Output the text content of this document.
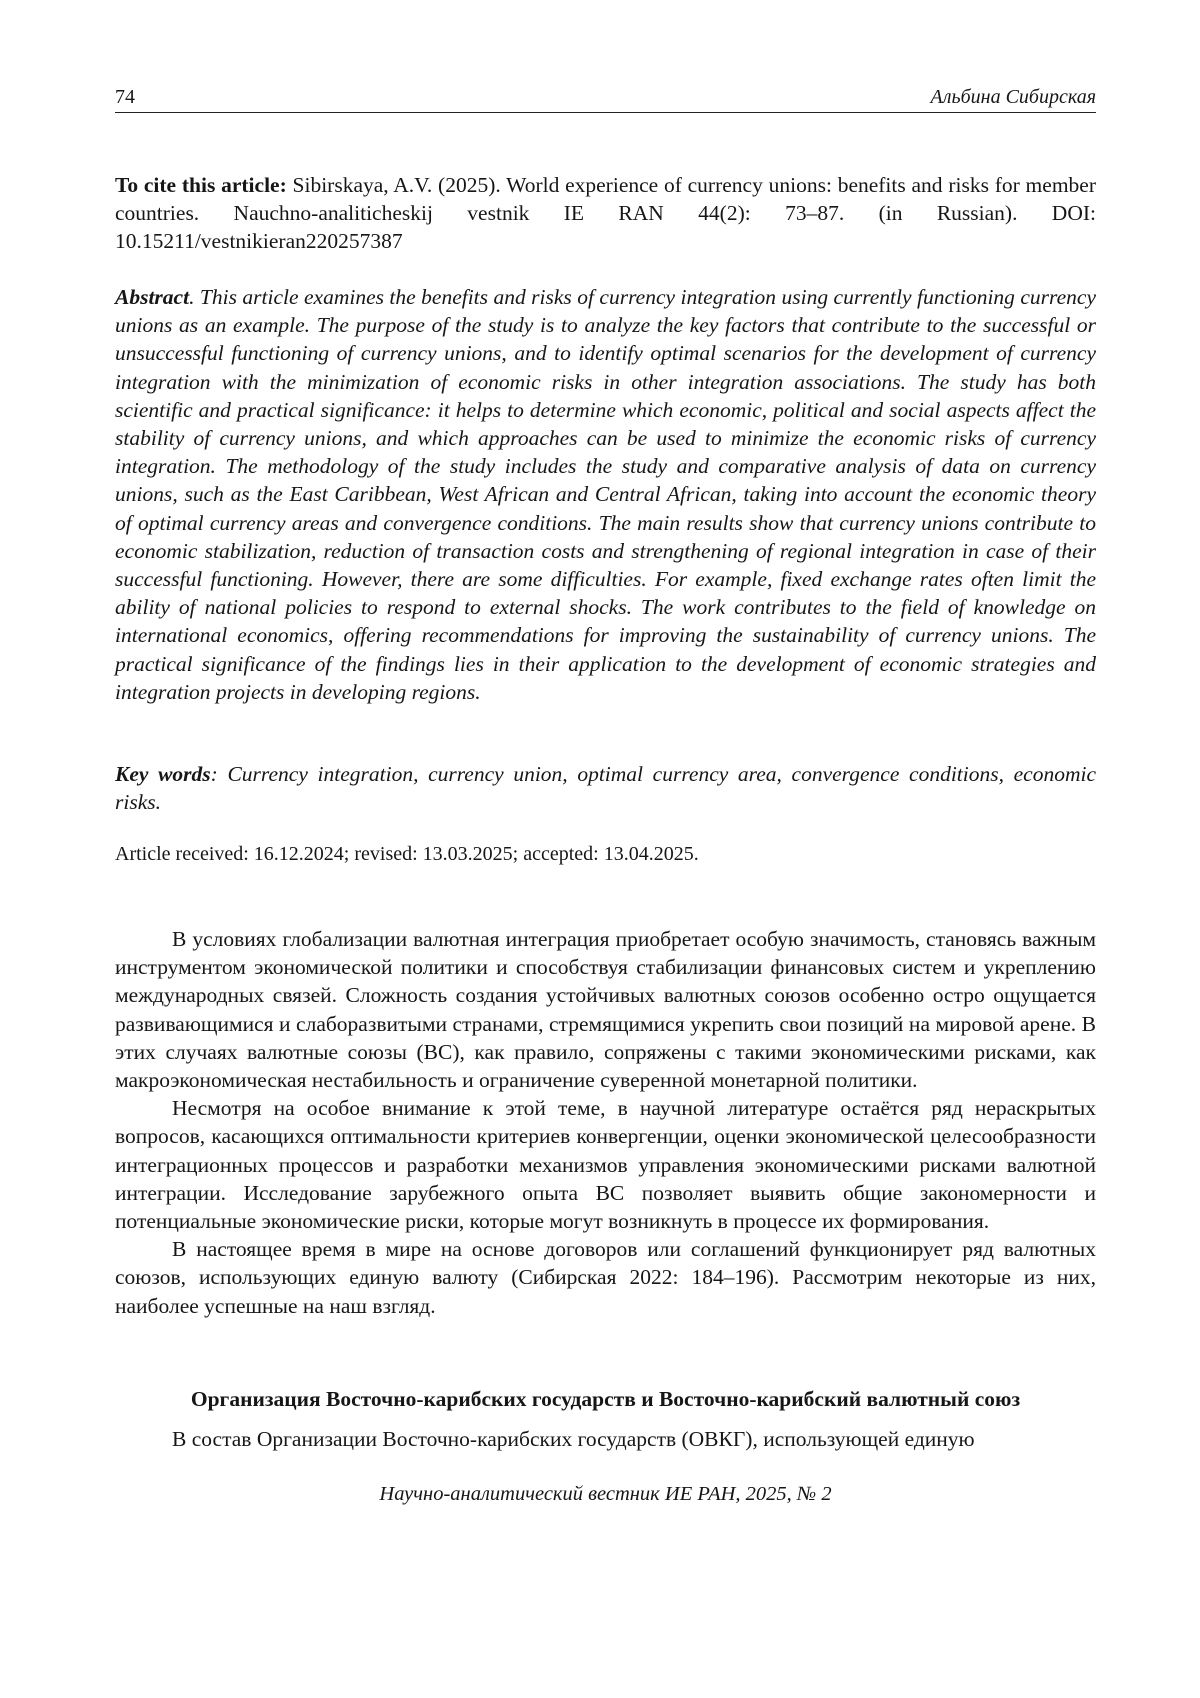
74	Альбина Сибирская
To cite this article: Sibirskaya, A.V. (2025). World experience of currency unions: benefits and risks for member countries. Nauchno-analiticheskij vestnik IE RAN 44(2): 73–87. (in Russian). DOI: 10.15211/vestnikieran220257387
Abstract. This article examines the benefits and risks of currency integration using currently functioning currency unions as an example. The purpose of the study is to analyze the key factors that contribute to the successful or unsuccessful functioning of currency unions, and to identify optimal scenarios for the development of currency integration with the minimization of economic risks in other integration associations. The study has both scientific and practical significance: it helps to determine which economic, political and social aspects affect the stability of currency unions, and which approaches can be used to minimize the economic risks of currency integration. The methodology of the study includes the study and comparative analysis of data on currency unions, such as the East Caribbean, West African and Central African, taking into account the economic theory of optimal currency areas and convergence conditions. The main results show that currency unions contribute to economic stabilization, reduction of transaction costs and strengthening of regional integration in case of their successful functioning. However, there are some difficulties. For example, fixed exchange rates often limit the ability of national policies to respond to external shocks. The work contributes to the field of knowledge on international economics, offering recommendations for improving the sustainability of currency unions. The practical significance of the findings lies in their application to the development of economic strategies and integration projects in developing regions.
Key words: Currency integration, currency union, optimal currency area, convergence conditions, economic risks.
Article received: 16.12.2024; revised: 13.03.2025; accepted: 13.04.2025.

В условиях глобализации валютная интеграция приобретает особую значимость, становясь важным инструментом экономической политики и способствуя стабилизации финансовых систем и укреплению международных связей. Сложность создания устойчивых валютных союзов особенно остро ощущается развивающимися и слаборазвитыми странами, стремящимися укрепить свои позиций на мировой арене. В этих случаях валютные союзы (ВС), как правило, сопряжены с такими экономическими рисками, как макроэкономическая нестабильность и ограничение суверенной монетарной политики.

Несмотря на особое внимание к этой теме, в научной литературе остаётся ряд нераскрытых вопросов, касающихся оптимальности критериев конвергенции, оценки экономической целесообразности интеграционных процессов и разработки механизмов управления экономическими рисками валютной интеграции. Исследование зарубежного опыта ВС позволяет выявить общие закономерности и потенциальные экономические риски, которые могут возникнуть в процессе их формирования.

В настоящее время в мире на основе договоров или соглашений функционирует ряд валютных союзов, использующих единую валюту (Сибирская 2022: 184–196). Рассмотрим некоторые из них, наиболее успешные на наш взгляд.

Организация Восточно-карибских государств и Восточно-карибский валютный союз
В состав Организации Восточно-карибских государств (ОВКГ), использующей единую
Научно-аналитический вестник ИЕ РАН, 2025, № 2
